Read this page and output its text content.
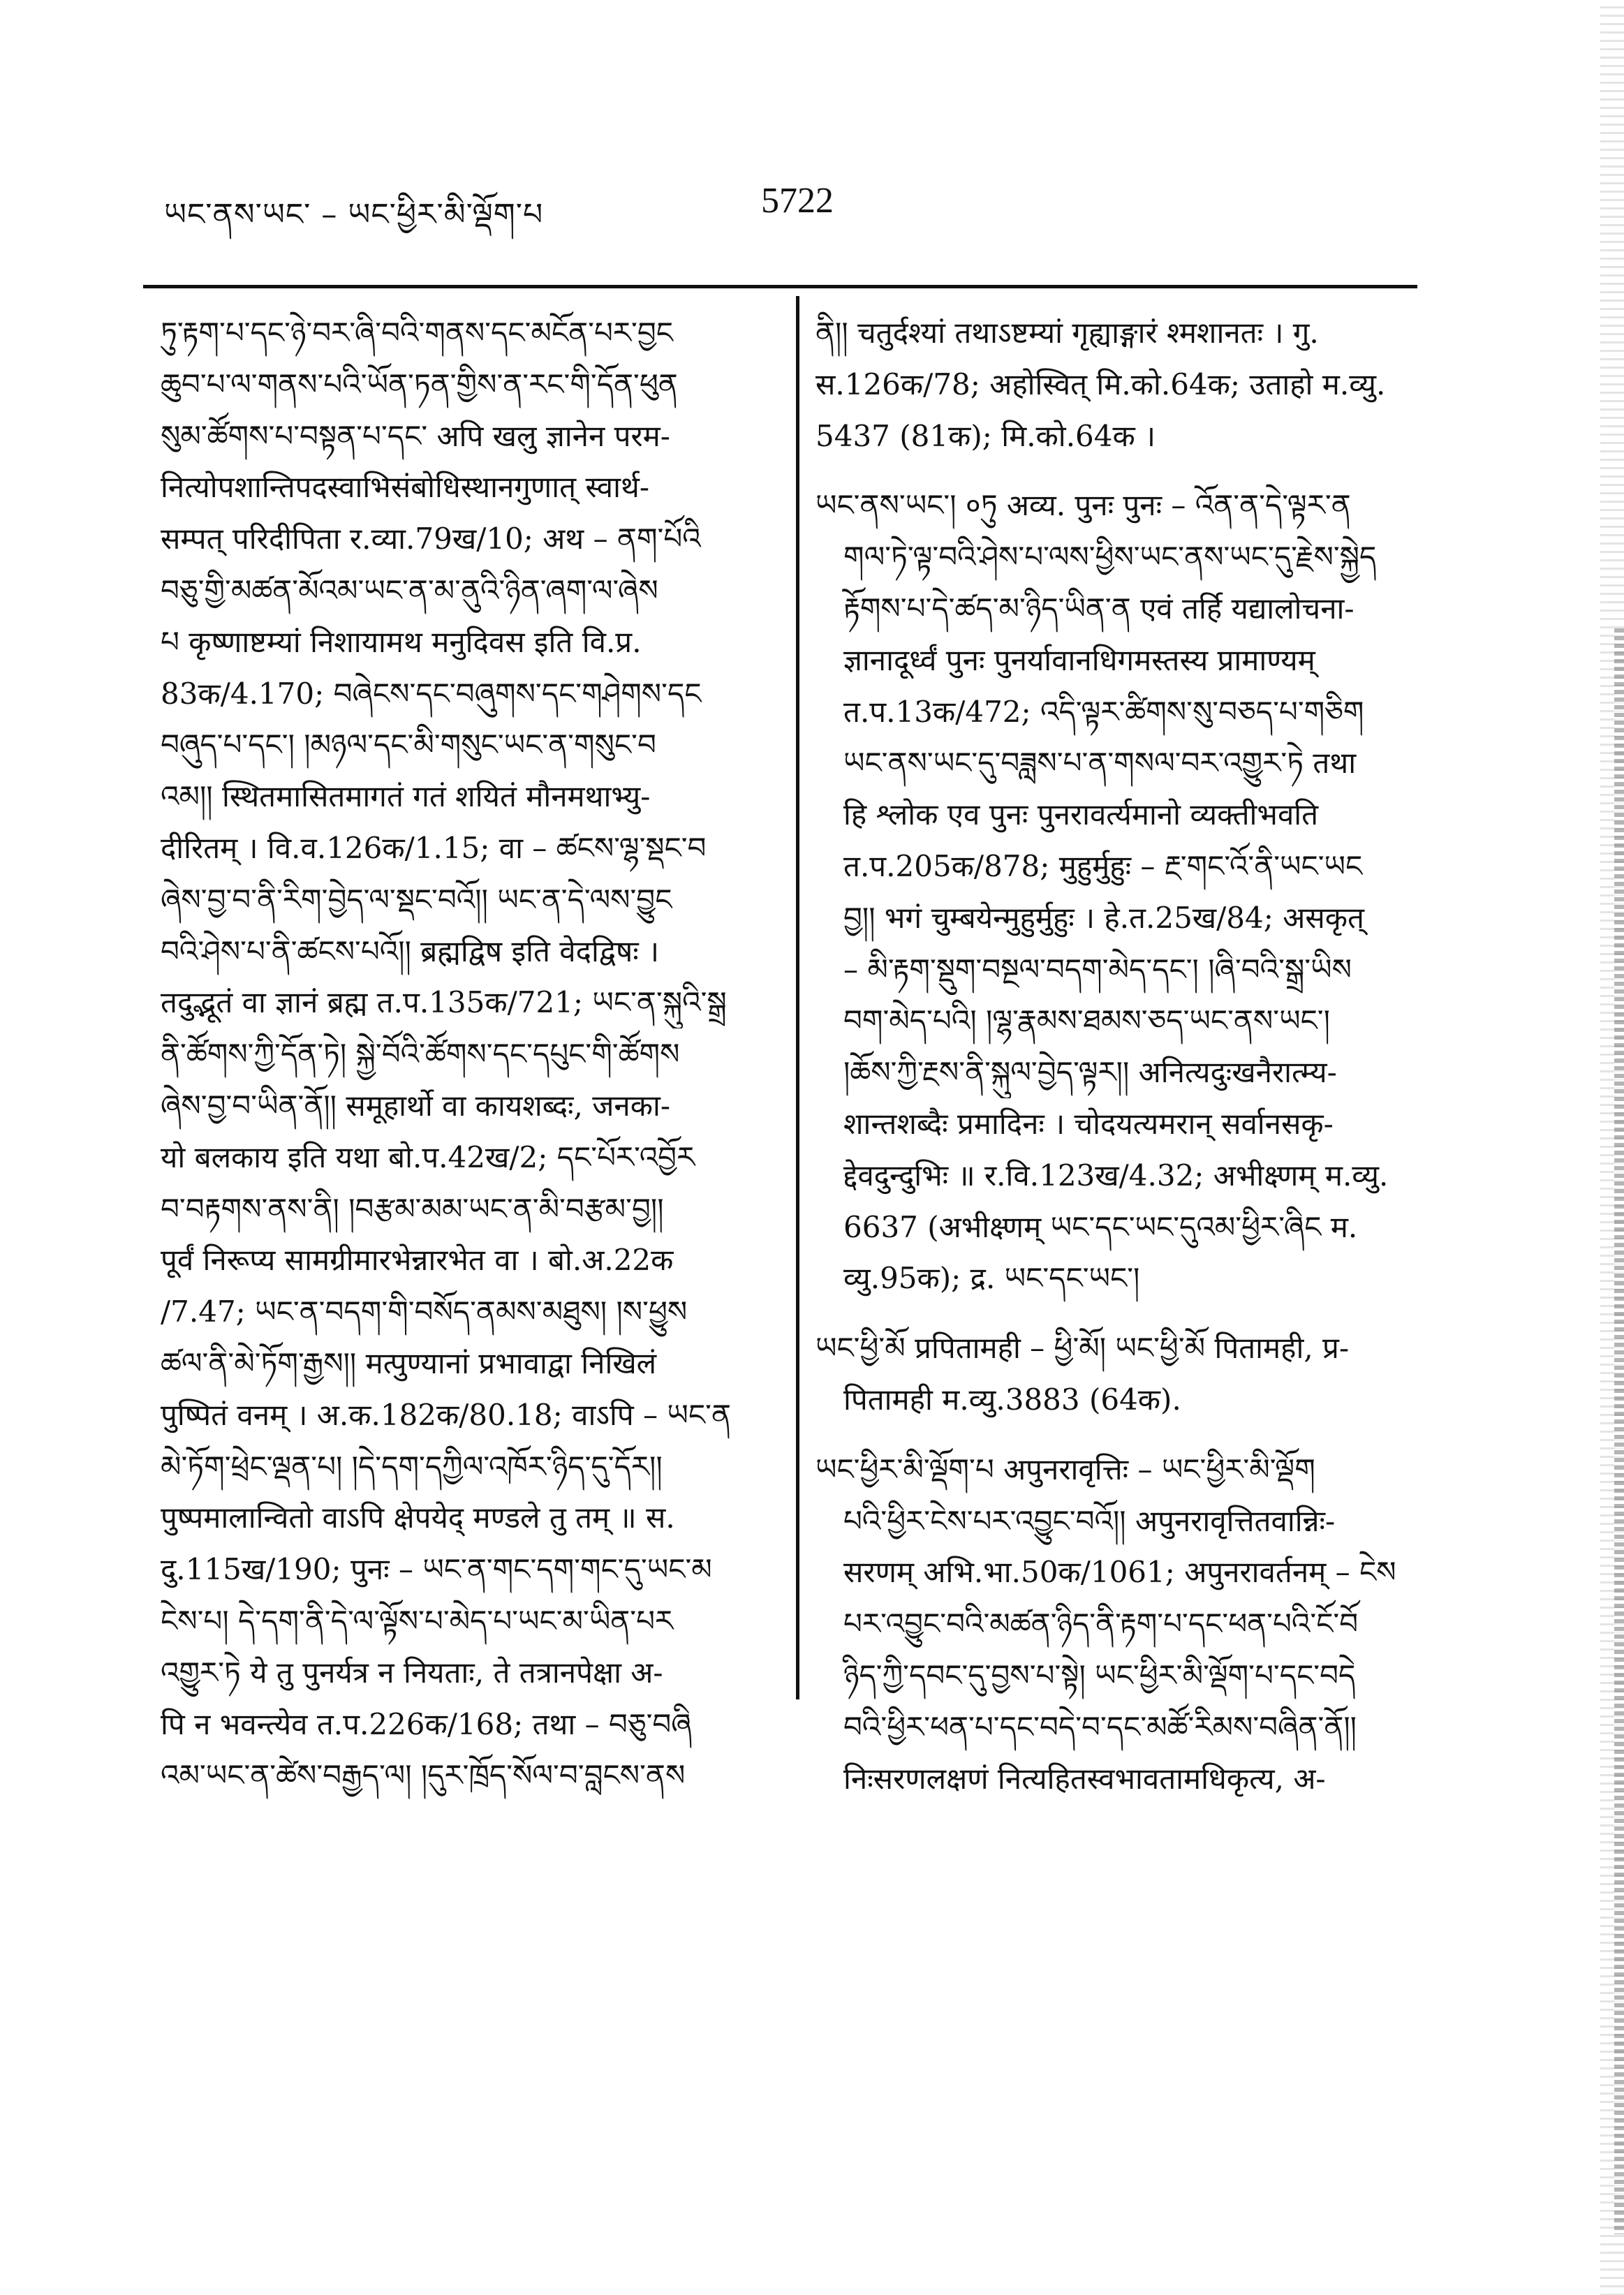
ཡང་ནས་ཡང་ – ཡང་ཕྱིར་མི་ལྡོག་པ	5722
ཏུ་རྟག་པ་དང་ཉེ་བར་ཞི་བའི་གནས་དང་མངོན་པར་བྱང
ཆུབ་པ་ལ་གནས་པའི་ཡོན་ཏན་གྱིས་ན་རང་གི་དོན་ཕུན
སུམ་ཚོགས་པ་བསྟན་པ་དང་ अपि खलु ज्ञानेन परम-
नित्योपशान्तिपदस्वाभिसंबोधिस्थानगुणात् स्वार्थ-
सम्पत् परिदीपिता र.व्या.79ख/10; अथ – ནག་པོའི
བཅུ་གྱི་མཚན་མོའམ་ཡང་ན་མ་ནུའི་ཉིན་ཞག་ལ་ཞེས
པ कृष्णाष्टम्यां निशायामथ मनुदिवस इति वि.प्र.
83क/4.170; བཞེངས་དང་བཞུགས་དང་གཤེགས་དང
བཞུད་པ་དང་། །མཉལ་དང་མི་གསུང་ཡང་ན་གསུང་བ
འམ།། स्थितमासितमागतं गतं शयितं मौनमथाभ्यु-
दीरितम् । वि.व.126क/1.15; वा – ཚངས་ལྷ་སྡང་བ
ཞེས་བྱ་བ་ནི་རིག་བྱེད་ལ་སྡང་བའོ།། ཡང་ན་དེ་ལས་བྱུང
བའི་ཤེས་པ་ནི་ཚངས་པའོ།། ब्रह्मद्विष इति वेदद्विषः ।
तदुद्भूतं वा ज्ञानं ब्रह्म त.प.135क/721; ཡང་ན་སྐུའི་སྒྲ
ནི་ཚོགས་ཀྱི་དོན་ཏེ། སྐྱེ་བོའི་ཚོགས་དང་དཔུང་གི་ཚོགས
ཞེས་བྱ་བ་ཡིན་ནོ།། समूहार्थो वा कायशब्दः, जनका-
यो बलकाय इति यथा बो.प.42ख/2; དང་པོར་འབྱོར
བ་བརྟགས་ནས་ནི། །བརྩམ་མམ་ཡང་ན་མི་བརྩམ་བྱ།།
पूर्वं निरूप्य सामग्रीमारभेन्नारभेत वा । बो.अ.22क
/7.47; ཡང་ན་བདག་གི་བསོད་ནམས་མཐུས། །ས་ཕྱུས
ཚལ་ནི་མེ་ཏོག་རྒྱས།། मत्पुण्यानां प्रभावाद्वा निखिलं
पुष्पितं वनम् । अ.क.182क/80.18; वाऽपि – ཡང་ན
མེ་ཏོག་ཕྲེང་ལྡན་པ། །དེ་དག་དཀྱིལ་འཁོར་ཉིད་དུ་དོར།།
पुष्पमालान्वितो वाऽपि क्षेपयेद् मण्डले तु तम् ॥ स.
दु.115ख/190; पुनः – ཡང་ན་གང་དག་གང་དུ་ཡང་མ
ངེས་པ། དེ་དག་ནི་དེ་ལ་ལྟོས་པ་མེད་པ་ཡང་མ་ཡིན་པར
འགྱུར་ཏེ ये तु पुनर्यत्र न नियताः, ते तत्रानपेक्षा अ-
पि न भवन्त्येव त.प.226क/168; तथा – བཅུ་བཞི
འམ་ཡང་ན་ཚེས་བརྒྱད་ལ། །དུར་ཁྲོད་སོལ་བ་བླངས་ནས
ནི།། चतुर्दश्यां तथाऽष्टम्यां गृह्याङ्गारं श्मशानतः । गु.
स.126क/78; अहोस्वित् मि.को.64क; उताहो म.व्यु.
5437 (81क); मि.को.64क ।
ཡང་ནས་ཡང་། ०ཏུ अव्य. पुनः पुनः – འོན་ན་དེ་ལྟར་ན
གལ་ཏེ་ལྟ་བའི་ཤེས་པ་ལས་ཕྱིས་ཡང་ནས་ཡང་དུ་རྗེས་སྐྱེད
རྟོགས་པ་དེ་ཚད་མ་ཉིད་ཡིན་ན एवं तर्हि यद्यालोचना-
ज्ञानादूर्ध्वं पुनः पुनर्यावानधिगमस्तस्य प्रामाण्यम्
त.प.13क/472; འདི་ལྟར་ཚིགས་སུ་བཅད་པ་གཅིག
ཡང་ནས་ཡང་དུ་བཟླས་པ་ན་གསལ་བར་འགྱུར་ཏེ तथा
हि श्लोक एव पुनः पुनरावर्त्यमानो व्यक्तीभवति
त.प.205क/878; मुहुर्मुहुः – རྔ་གང་འོ་ནི་ཡང་ཡང
བྱ།། भगं चुम्बयेन्मुहुर्मुहुः । हे.त.25ख/84; असकृत्
– མི་རྟག་སྡུག་བསྔལ་བདག་མེད་དང་། །ཞི་བའི་སྒྲ་ཡིས
བག་མེད་པའི། །ལྷ་རྣམས་ཐམས་ཅད་ཡང་ནས་ཡང་།
།ཆོས་ཀྱི་རྔས་ནི་སྐུལ་བྱེད་ལྟར།། अनित्यदुःखनैरात्म्य-
शान्तशब्दैः प्रमादिनः । चोदयत्यमरान् सर्वानसकृ-
द्देवदुन्दुभिः ॥ र.वि.123ख/4.32; अभीक्ष्णम् म.व्यु.
6637 (अभीक्ष्णम् ཡང་དང་ཡང་དུའམ་ཕྱིར་ཞིང म.
व्यु.95क); द्र. ཡང་དང་ཡང་།
ཡང་ཕྱི་མོ प्रपितामही – ཕྱི་མོ། ཡང་ཕྱི་མོ पितामही, प्र-
पितामही म.व्यु.3883 (64क).
ཡང་ཕྱིར་མི་ལྡོག་པ अपुनरावृत्तिः – ཡང་ཕྱིར་མི་ལྡོག
པའི་ཕྱིར་ངེས་པར་འབྱུང་བའོ།། अपुनरावृत्तितवान्निः-
सरणम् अभि.भा.50क/1061; अपुनरावर्तनम् – ངེས
པར་འབྱུང་བའི་མཚན་ཉིད་ནི་རྟག་པ་དང་ཕན་པའི་ངོ་བོ
ཉིད་ཀྱི་དབང་དུ་བྱས་པ་སྟེ། ཡང་ཕྱིར་མི་ལྡོག་པ་དང་བདེ
བའི་ཕྱིར་ཕན་པ་དང་བདེ་བ་དང་མཚོ་རིམས་བཞིན་ནོ།།
निःसरणलक्षणं नित्यहितस्वभावतामधिकृत्य, अ-
